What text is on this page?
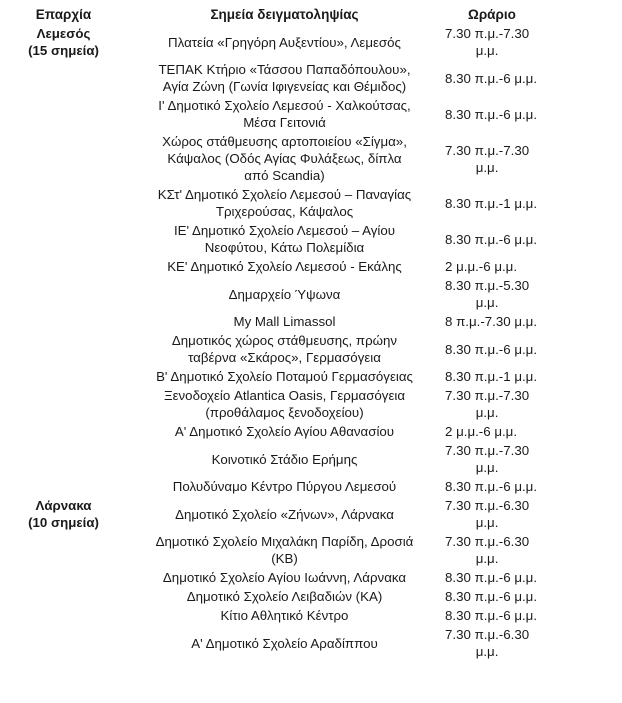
Επαρχία	Σημεία δειγματοληψίας	Ωράριο

Λεμεσός
(15 σημεία)	Πλατεία «Γρηγόρη Αυξεντίου», Λεμεσός	7.30 π.μ.-7.30
μ.μ.
	ΤΕΠΑΚ Κτήριο «Τάσσου Παπαδόπουλου»,
Αγία Ζώνη (Γωνία Ιφιγενείας και Θέμιδος)	8.30 π.μ.-6 μ.μ.
	Ι' Δημοτικό Σχολείο Λεμεσού - Χαλκούτσας,
Μέσα Γειτονιά	8.30 π.μ.-6 μ.μ.
	Χώρος στάθμευσης αρτοποιείου «Σίγμα»,
Κάψαλος (Οδός Αγίας Φυλάξεως, δίπλα
από Scandia)	7.30 π.μ.-7.30
μ.μ.
	ΚΣτ' Δημοτικό Σχολείο Λεμεσού – Παναγίας
Τριχερούσας, Κάψαλος	8.30 π.μ.-1 μ.μ.
	ΙΕ' Δημοτικό Σχολείο Λεμεσού – Αγίου
Νεοφύτου, Κάτω Πολεμίδια	8.30 π.μ.-6 μ.μ.
	ΚΕ' Δημοτικό Σχολείο Λεμεσού - Εκάλης	2 μ.μ.-6 μ.μ.
	Δημαρχείο Ύψωνα	8.30 π.μ.-5.30
μ.μ.
	My Mall Limassol	8 π.μ.-7.30 μ.μ.
	Δημοτικός χώρος στάθμευσης, πρώην
ταβέρνα «Σκάρος», Γερμασόγεια	8.30 π.μ.-6 μ.μ.
	Β' Δημοτικό Σχολείο Ποταμού Γερμασόγειας	8.30 π.μ.-1 μ.μ.
	Ξενοδοχείο Atlantica Oasis, Γερμασόγεια
(προθάλαμος ξενοδοχείου)	7.30 π.μ.-7.30
μ.μ.
	Α' Δημοτικό Σχολείο Αγίου Αθανασίου	2 μ.μ.-6 μ.μ.
	Κοινοτικό Στάδιο Ερήμης	7.30 π.μ.-7.30
μ.μ.
	Πολυδύναμο Κέντρο Πύργου Λεμεσού	8.30 π.μ.-6 μ.μ.

Λάρνακα
(10 σημεία)	Δημοτικό Σχολείο «Ζήνων», Λάρνακα	7.30 π.μ.-6.30
μ.μ.
	Δημοτικό Σχολείο Μιχαλάκη Παρίδη, Δροσιά
(ΚΒ)	7.30 π.μ.-6.30
μ.μ.
	Δημοτικό Σχολείο Αγίου Ιωάννη, Λάρνακα	8.30 π.μ.-6 μ.μ.
	Δημοτικό Σχολείο Λειβαδιών (ΚΑ)	8.30 π.μ.-6 μ.μ.
	Κίτιο Αθλητικό Κέντρο	8.30 π.μ.-6 μ.μ.
	Α' Δημοτικό Σχολείο Αραδίππου	7.30 π.μ.-6.30
μ.μ.
